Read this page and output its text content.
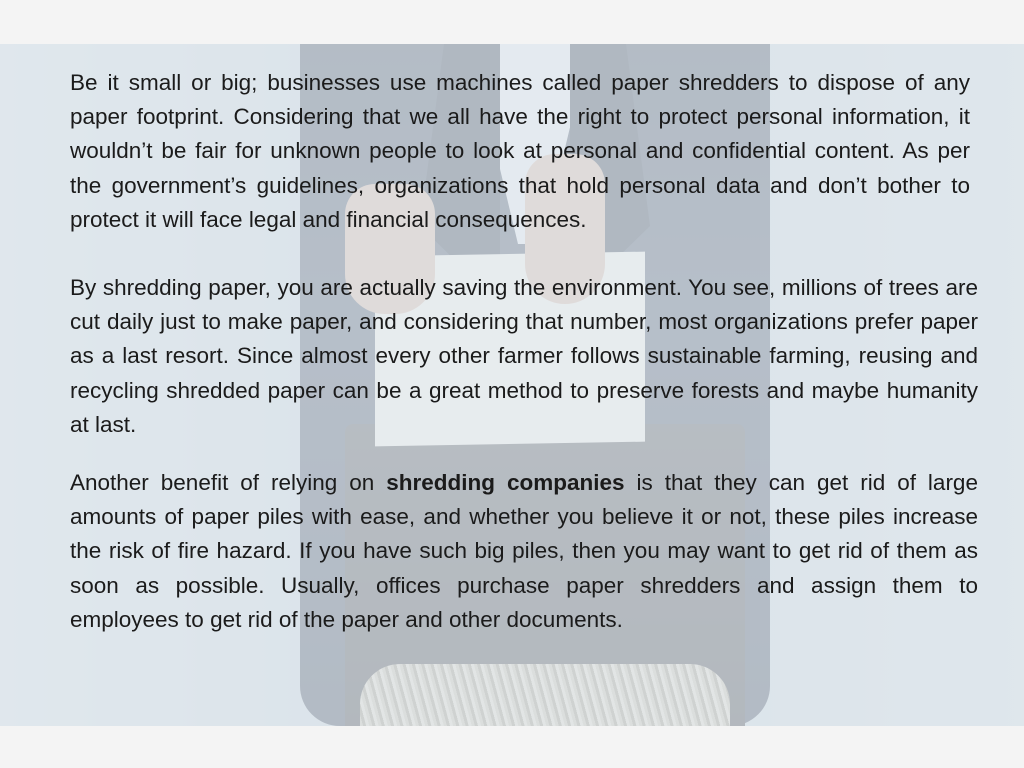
Be it small or big; businesses use machines called paper shredders to dispose of any paper footprint. Considering that we all have the right to protect personal information, it wouldn’t be fair for unknown people to look at personal and confidential content. As per the government’s guidelines, organizations that hold personal data and don’t bother to protect it will face legal and financial consequences.

By shredding paper, you are actually saving the environment. You see, millions of trees are cut daily just to make paper, and considering that number, most organizations prefer paper as a last resort. Since almost every other farmer follows sustainable farming, reusing and recycling shredded paper can be a great method to preserve forests and maybe humanity at last.

Another benefit of relying on shredding companies is that they can get rid of large amounts of paper piles with ease, and whether you believe it or not, these piles increase the risk of fire hazard. If you have such big piles, then you may want to get rid of them as soon as possible. Usually, offices purchase paper shredders and assign them to employees to get rid of the paper and other documents.
